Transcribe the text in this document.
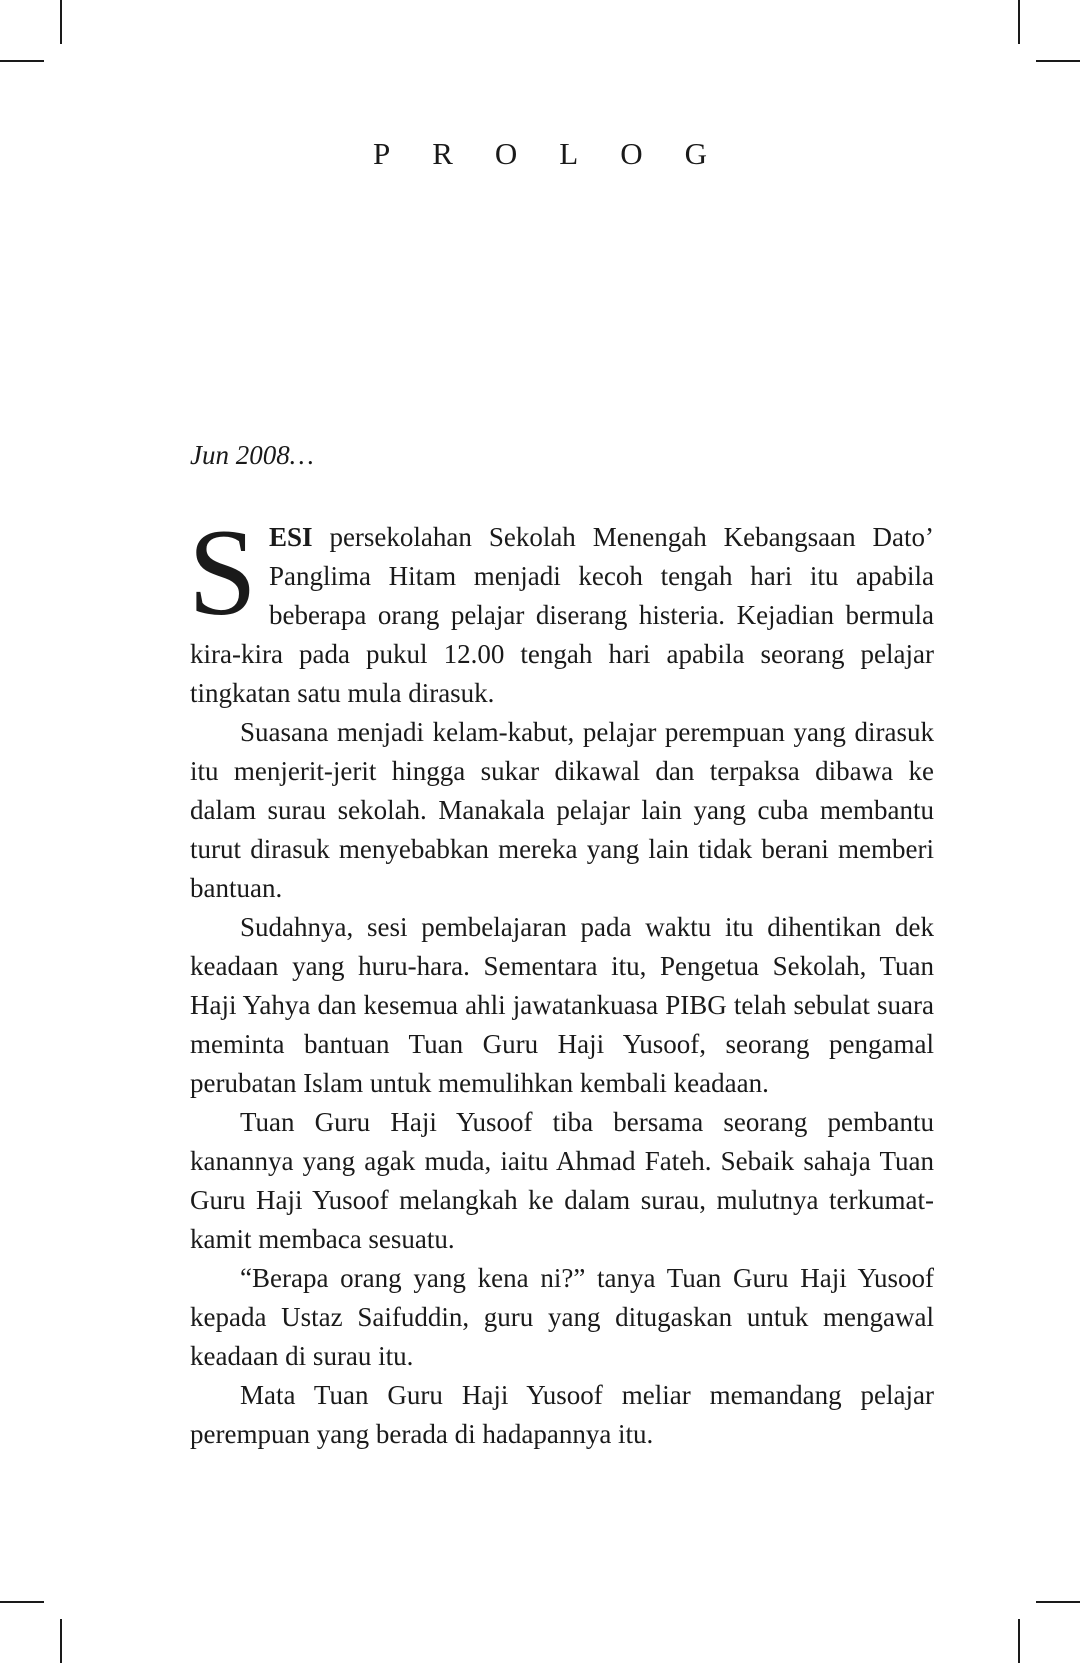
PROLOG

Jun 2008…

SESI persekolahan Sekolah Menengah Kebangsaan Dato’ Panglima Hitam menjadi kecoh tengah hari itu apabila beberapa orang pelajar diserang histeria. Kejadian bermula kira-kira pada pukul 12.00 tengah hari apabila seorang pelajar tingkatan satu mula dirasuk.

Suasana menjadi kelam-kabut, pelajar perempuan yang dirasuk itu menjerit-jerit hingga sukar dikawal dan terpaksa dibawa ke dalam surau sekolah. Manakala pelajar lain yang cuba membantu turut dirasuk menyebabkan mereka yang lain tidak berani memberi bantuan.

Sudahnya, sesi pembelajaran pada waktu itu dihentikan dek keadaan yang huru-hara. Sementara itu, Pengetua Sekolah, Tuan Haji Yahya dan kesemua ahli jawatankuasa PIBG telah sebulat suara meminta bantuan Tuan Guru Haji Yusoof, seorang pengamal perubatan Islam untuk memulihkan kembali keadaan.

Tuan Guru Haji Yusoof tiba bersama seorang pembantu kanannya yang agak muda, iaitu Ahmad Fateh. Sebaik sahaja Tuan Guru Haji Yusoof melangkah ke dalam surau, mulutnya terkumat-kamit membaca sesuatu.

“Berapa orang yang kena ni?” tanya Tuan Guru Haji Yusoof kepada Ustaz Saifuddin, guru yang ditugaskan untuk mengawal keadaan di surau itu.

Mata Tuan Guru Haji Yusoof meliar memandang pelajar perempuan yang berada di hadapannya itu.
